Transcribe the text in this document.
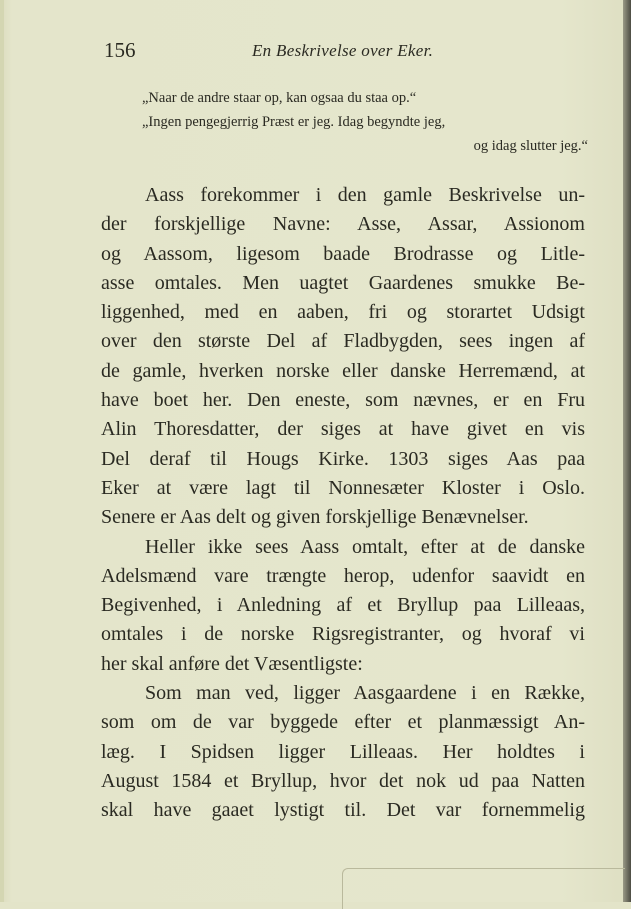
156	En Beskrivelse over Eker.
„Naar de andre staar op, kan ogsaa du staa op.“
„Ingen pengegjerrig Præst er jeg. Idag begyndte jeg,
og idag slutter jeg.“
Aass forekommer i den gamle Beskrivelse un-
der forskjellige Navne: Asse, Assar, Assionom
og Aassom, ligesom baade Brodrasse og Litle-
asse omtales. Men uagtet Gaardenes smukke Be-
liggenhed, med en aaben, fri og storartet Udsigt
over den største Del af Fladbygden, sees ingen af
de gamle, hverken norske eller danske Herremænd, at
have boet her. Den eneste, som nævnes, er en Fru
Alin Thoresdatter, der siges at have givet en vis
Del deraf til Hougs Kirke. 1303 siges Aas paa
Eker at være lagt til Nonnesæter Kloster i Oslo.
Senere er Aas delt og given forskjellige Benævnelser.
Heller ikke sees Aass omtalt, efter at de danske
Adelsmænd vare trængte herop, udenfor saavidt en
Begivenhed, i Anledning af et Bryllup paa Lilleaas,
omtales i de norske Rigsregistranter, og hvoraf vi
her skal anføre det Væsentligste:
Som man ved, ligger Aasgaardene i en Række,
som om de var byggede efter et planmæssigt An-
læg. I Spidsen ligger Lilleaas. Her holdtes i
August 1584 et Bryllup, hvor det nok ud paa Natten
skal have gaaet lystigt til. Det var fornemmelig
